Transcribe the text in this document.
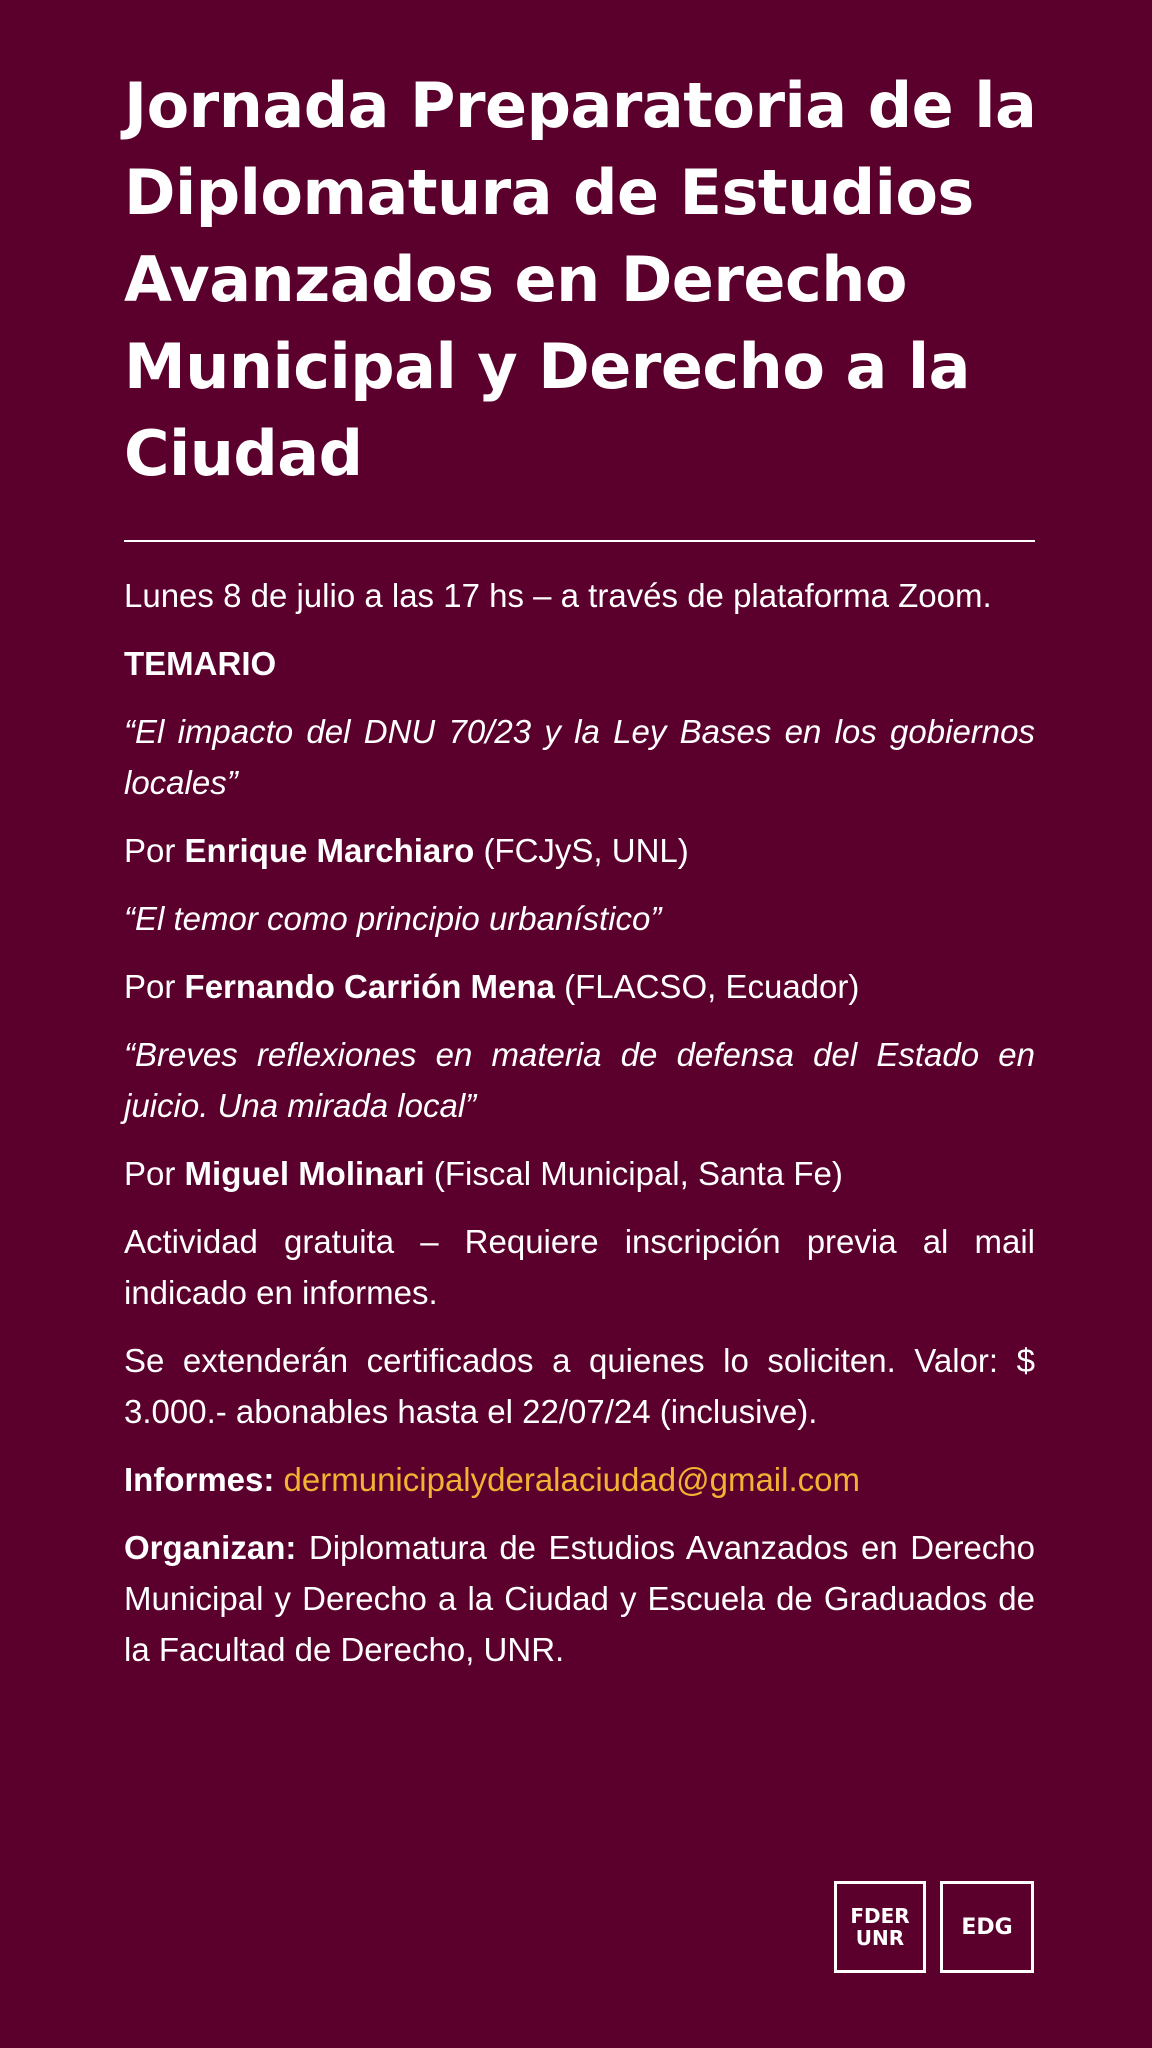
Jornada Preparatoria de la
Diplomatura de Estudios
Avanzados en Derecho
Municipal y Derecho a la
Ciudad

Lunes 8 de julio a las 17 hs – a través de plataforma Zoom.

TEMARIO

“El impacto del DNU 70/23 y la Ley Bases en los gobiernos locales”

Por Enrique Marchiaro (FCJyS, UNL)

“El temor como principio urbanístico”

Por Fernando Carrión Mena (FLACSO, Ecuador)

“Breves reflexiones en materia de defensa del Estado en juicio. Una mirada local”

Por Miguel Molinari (Fiscal Municipal, Santa Fe)

Actividad gratuita – Requiere inscripción previa al mail indicado en informes.

Se extenderán certificados a quienes lo soliciten. Valor: $ 3.000.- abonables hasta el 22/07/24 (inclusive).

Informes: dermunicipalyderalaciudad@gmail.com

Organizan: Diplomatura de Estudios Avanzados en Derecho Municipal y Derecho a la Ciudad y Escuela de Graduados de la Facultad de Derecho, UNR.

FDER
UNR	EDG
